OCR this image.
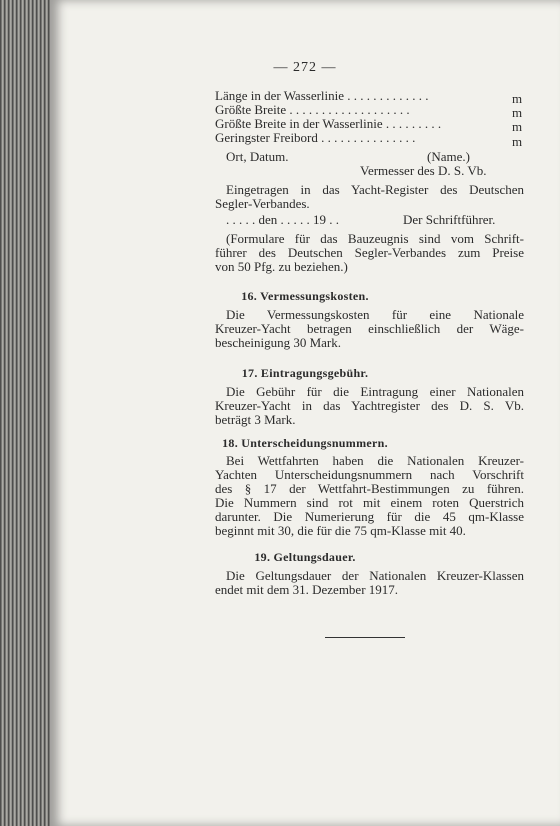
— 272 —
Länge in der Wasserlinie . . . . . . . . . . . . .	m
Größte Breite . . . . . . . . . . . . . . . . . . .	m
Größte Breite in der Wasserlinie . . . . . . . . .	m
Geringster Freibord . . . . . . . . . . . . . . .	m
Ort, Datum.	(Name.)
Vermesser des D. S. Vb.
Eingetragen in das Yacht-Register des Deutschen
Segler-Verbandes.
. . . . . den . . . . . 19 . .	Der Schriftführer.
(Formulare für das Bauzeugnis sind vom Schrift-
führer des Deutschen Segler-Verbandes zum Preise
von 50 Pfg. zu beziehen.)
16. Vermessungskosten.
Die Vermessungskosten für eine Nationale
Kreuzer-Yacht betragen einschließlich der Wäge-
bescheinigung 30 Mark.
17. Eintragungsgebühr.
Die Gebühr für die Eintragung einer Nationalen
Kreuzer-Yacht in das Yachtregister des D. S. Vb.
beträgt 3 Mark.
18. Unterscheidungsnummern.
Bei Wettfahrten haben die Nationalen Kreuzer-
Yachten Unterscheidungsnummern nach Vorschrift
des § 17 der Wettfahrt-Bestimmungen zu führen.
Die Nummern sind rot mit einem roten Querstrich
darunter. Die Numerierung für die 45 qm-Klasse
beginnt mit 30, die für die 75 qm-Klasse mit 40.
19. Geltungsdauer.
Die Geltungsdauer der Nationalen Kreuzer-Klassen
endet mit dem 31. Dezember 1917.
